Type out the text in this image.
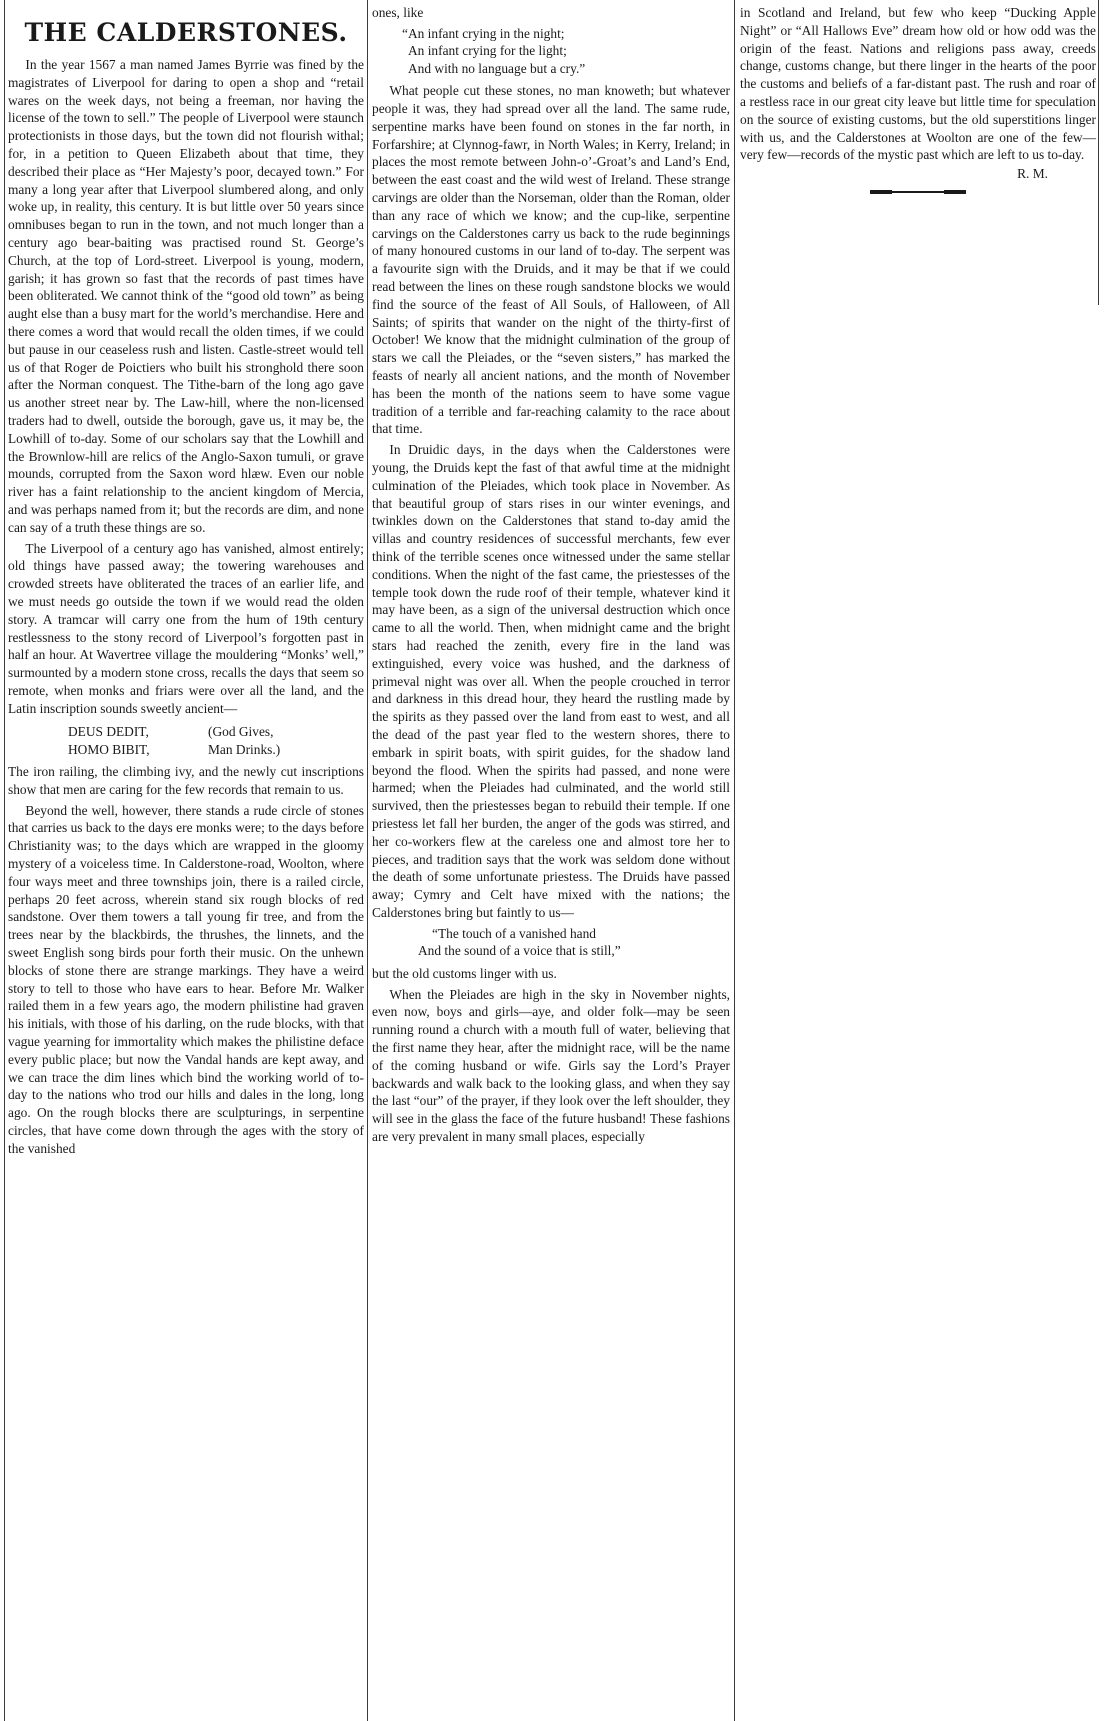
THE CALDERSTONES.

In the year 1567 a man named James Byrrie was fined by the magistrates of Liverpool for daring to open a shop and “retail wares on the week days, not being a freeman, nor having the license of the town to sell.” The people of Liverpool were staunch protectionists in those days, but the town did not flourish withal; for, in a petition to Queen Elizabeth about that time, they described their place as “Her Majesty’s poor, decayed town.” For many a long year after that Liverpool slumbered along, and only woke up, in reality, this century. It is but little over 50 years since omnibuses began to run in the town, and not much longer than a century ago bear-baiting was practised round St. George’s Church, at the top of Lord-street. Liverpool is young, modern, garish; it has grown so fast that the records of past times have been obliterated. We cannot think of the “good old town” as being aught else than a busy mart for the world’s merchandise. Here and there comes a word that would recall the olden times, if we could but pause in our ceaseless rush and listen. Castle-street would tell us of that Roger de Poictiers who built his stronghold there soon after the Norman conquest. The Tithe-barn of the long ago gave us another street near by. The Law-hill, where the non-licensed traders had to dwell, outside the borough, gave us, it may be, the Lowhill of to-day. Some of our scholars say that the Lowhill and the Brownlow-hill are relics of the Anglo-Saxon tumuli, or grave mounds, corrupted from the Saxon word hlæw. Even our noble river has a faint relationship to the ancient kingdom of Mercia, and was perhaps named from it; but the records are dim, and none can say of a truth these things are so.

The Liverpool of a century ago has vanished, almost entirely; old things have passed away; the towering warehouses and crowded streets have obliterated the traces of an earlier life, and we must needs go outside the town if we would read the olden story. A tramcar will carry one from the hum of 19th century restlessness to the stony record of Liverpool’s forgotten past in half an hour. At Wavertree village the mouldering “Monks’ well,” surmounted by a modern stone cross, recalls the days that seem so remote, when monks and friars were over all the land, and the Latin inscription sounds sweetly ancient—

DEUS DEDIT,	(God Gives,
HOMO BIBIT,	Man Drinks.)

The iron railing, the climbing ivy, and the newly cut inscriptions show that men are caring for the few records that remain to us.

Beyond the well, however, there stands a rude circle of stones that carries us back to the days ere monks were; to the days before Christianity was; to the days which are wrapped in the gloomy mystery of a voiceless time. In Calderstone-road, Woolton, where four ways meet and three townships join, there is a railed circle, perhaps 20 feet across, wherein stand six rough blocks of red sandstone. Over them towers a tall young fir tree, and from the trees near by the blackbirds, the thrushes, the linnets, and the sweet English song birds pour forth their music. On the unhewn blocks of stone there are strange markings. They have a weird story to tell to those who have ears to hear. Before Mr. Walker railed them in a few years ago, the modern philistine had graven his initials, with those of his darling, on the rude blocks, with that vague yearning for immortality which makes the philistine deface every public place; but now the Vandal hands are kept away, and we can trace the dim lines which bind the working world of to-day to the nations who trod our hills and dales in the long, long ago. On the rough blocks there are sculpturings, in serpentine circles, that have come down through the ages with the story of the vanished

ones, like

“An infant crying in the night;
An infant crying for the light;
And with no language but a cry.”

What people cut these stones, no man knoweth; but whatever people it was, they had spread over all the land. The same rude, serpentine marks have been found on stones in the far north, in Forfarshire; at Clynnog-fawr, in North Wales; in Kerry, Ireland; in places the most remote between John-o’-Groat’s and Land’s End, between the east coast and the wild west of Ireland. These strange carvings are older than the Norseman, older than the Roman, older than any race of which we know; and the cup-like, serpentine carvings on the Calderstones carry us back to the rude beginnings of many honoured customs in our land of to-day. The serpent was a favourite sign with the Druids, and it may be that if we could read between the lines on these rough sandstone blocks we would find the source of the feast of All Souls, of Halloween, of All Saints; of spirits that wander on the night of the thirty-first of October! We know that the midnight culmination of the group of stars we call the Pleiades, or the “seven sisters,” has marked the feasts of nearly all ancient nations, and the month of November has been the month of the nations seem to have some vague tradition of a terrible and far-reaching calamity to the race about that time.

In Druidic days, in the days when the Calderstones were young, the Druids kept the fast of that awful time at the midnight culmination of the Pleiades, which took place in November. As that beautiful group of stars rises in our winter evenings, and twinkles down on the Calderstones that stand to-day amid the villas and country residences of successful merchants, few ever think of the terrible scenes once witnessed under the same stellar conditions. When the night of the fast came, the priestesses of the temple took down the rude roof of their temple, whatever kind it may have been, as a sign of the universal destruction which once came to all the world. Then, when midnight came and the bright stars had reached the zenith, every fire in the land was extinguished, every voice was hushed, and the darkness of primeval night was over all. When the people crouched in terror and darkness in this dread hour, they heard the rustling made by the spirits as they passed over the land from east to west, and all the dead of the past year fled to the western shores, there to embark in spirit boats, with spirit guides, for the shadow land beyond the flood. When the spirits had passed, and none were harmed; when the Pleiades had culminated, and the world still survived, then the priestesses began to rebuild their temple. If one priestess let fall her burden, the anger of the gods was stirred, and her co-workers flew at the careless one and almost tore her to pieces, and tradition says that the work was seldom done without the death of some unfortunate priestess. The Druids have passed away; Cymry and Celt have mixed with the nations; the Calderstones bring but faintly to us—

“The touch of a vanished hand
And the sound of a voice that is still,”

but the old customs linger with us.

When the Pleiades are high in the sky in November nights, even now, boys and girls—aye, and older folk—may be seen running round a church with a mouth full of water, believing that the first name they hear, after the midnight race, will be the name of the coming husband or wife. Girls say the Lord’s Prayer backwards and walk back to the looking glass, and when they say the last “our” of the prayer, if they look over the left shoulder, they will see in the glass the face of the future husband! These fashions are very prevalent in many small places, especially

in Scotland and Ireland, but few who keep “Ducking Apple Night” or “All Hallows Eve” dream how old or how odd was the origin of the feast. Nations and religions pass away, creeds change, customs change, but there linger in the hearts of the poor the customs and beliefs of a far-distant past. The rush and roar of a restless race in our great city leave but little time for speculation on the source of existing customs, but the old superstitions linger with us, and the Calderstones at Woolton are one of the few—very few—records of the mystic past which are left to us to-day.

R. M.
